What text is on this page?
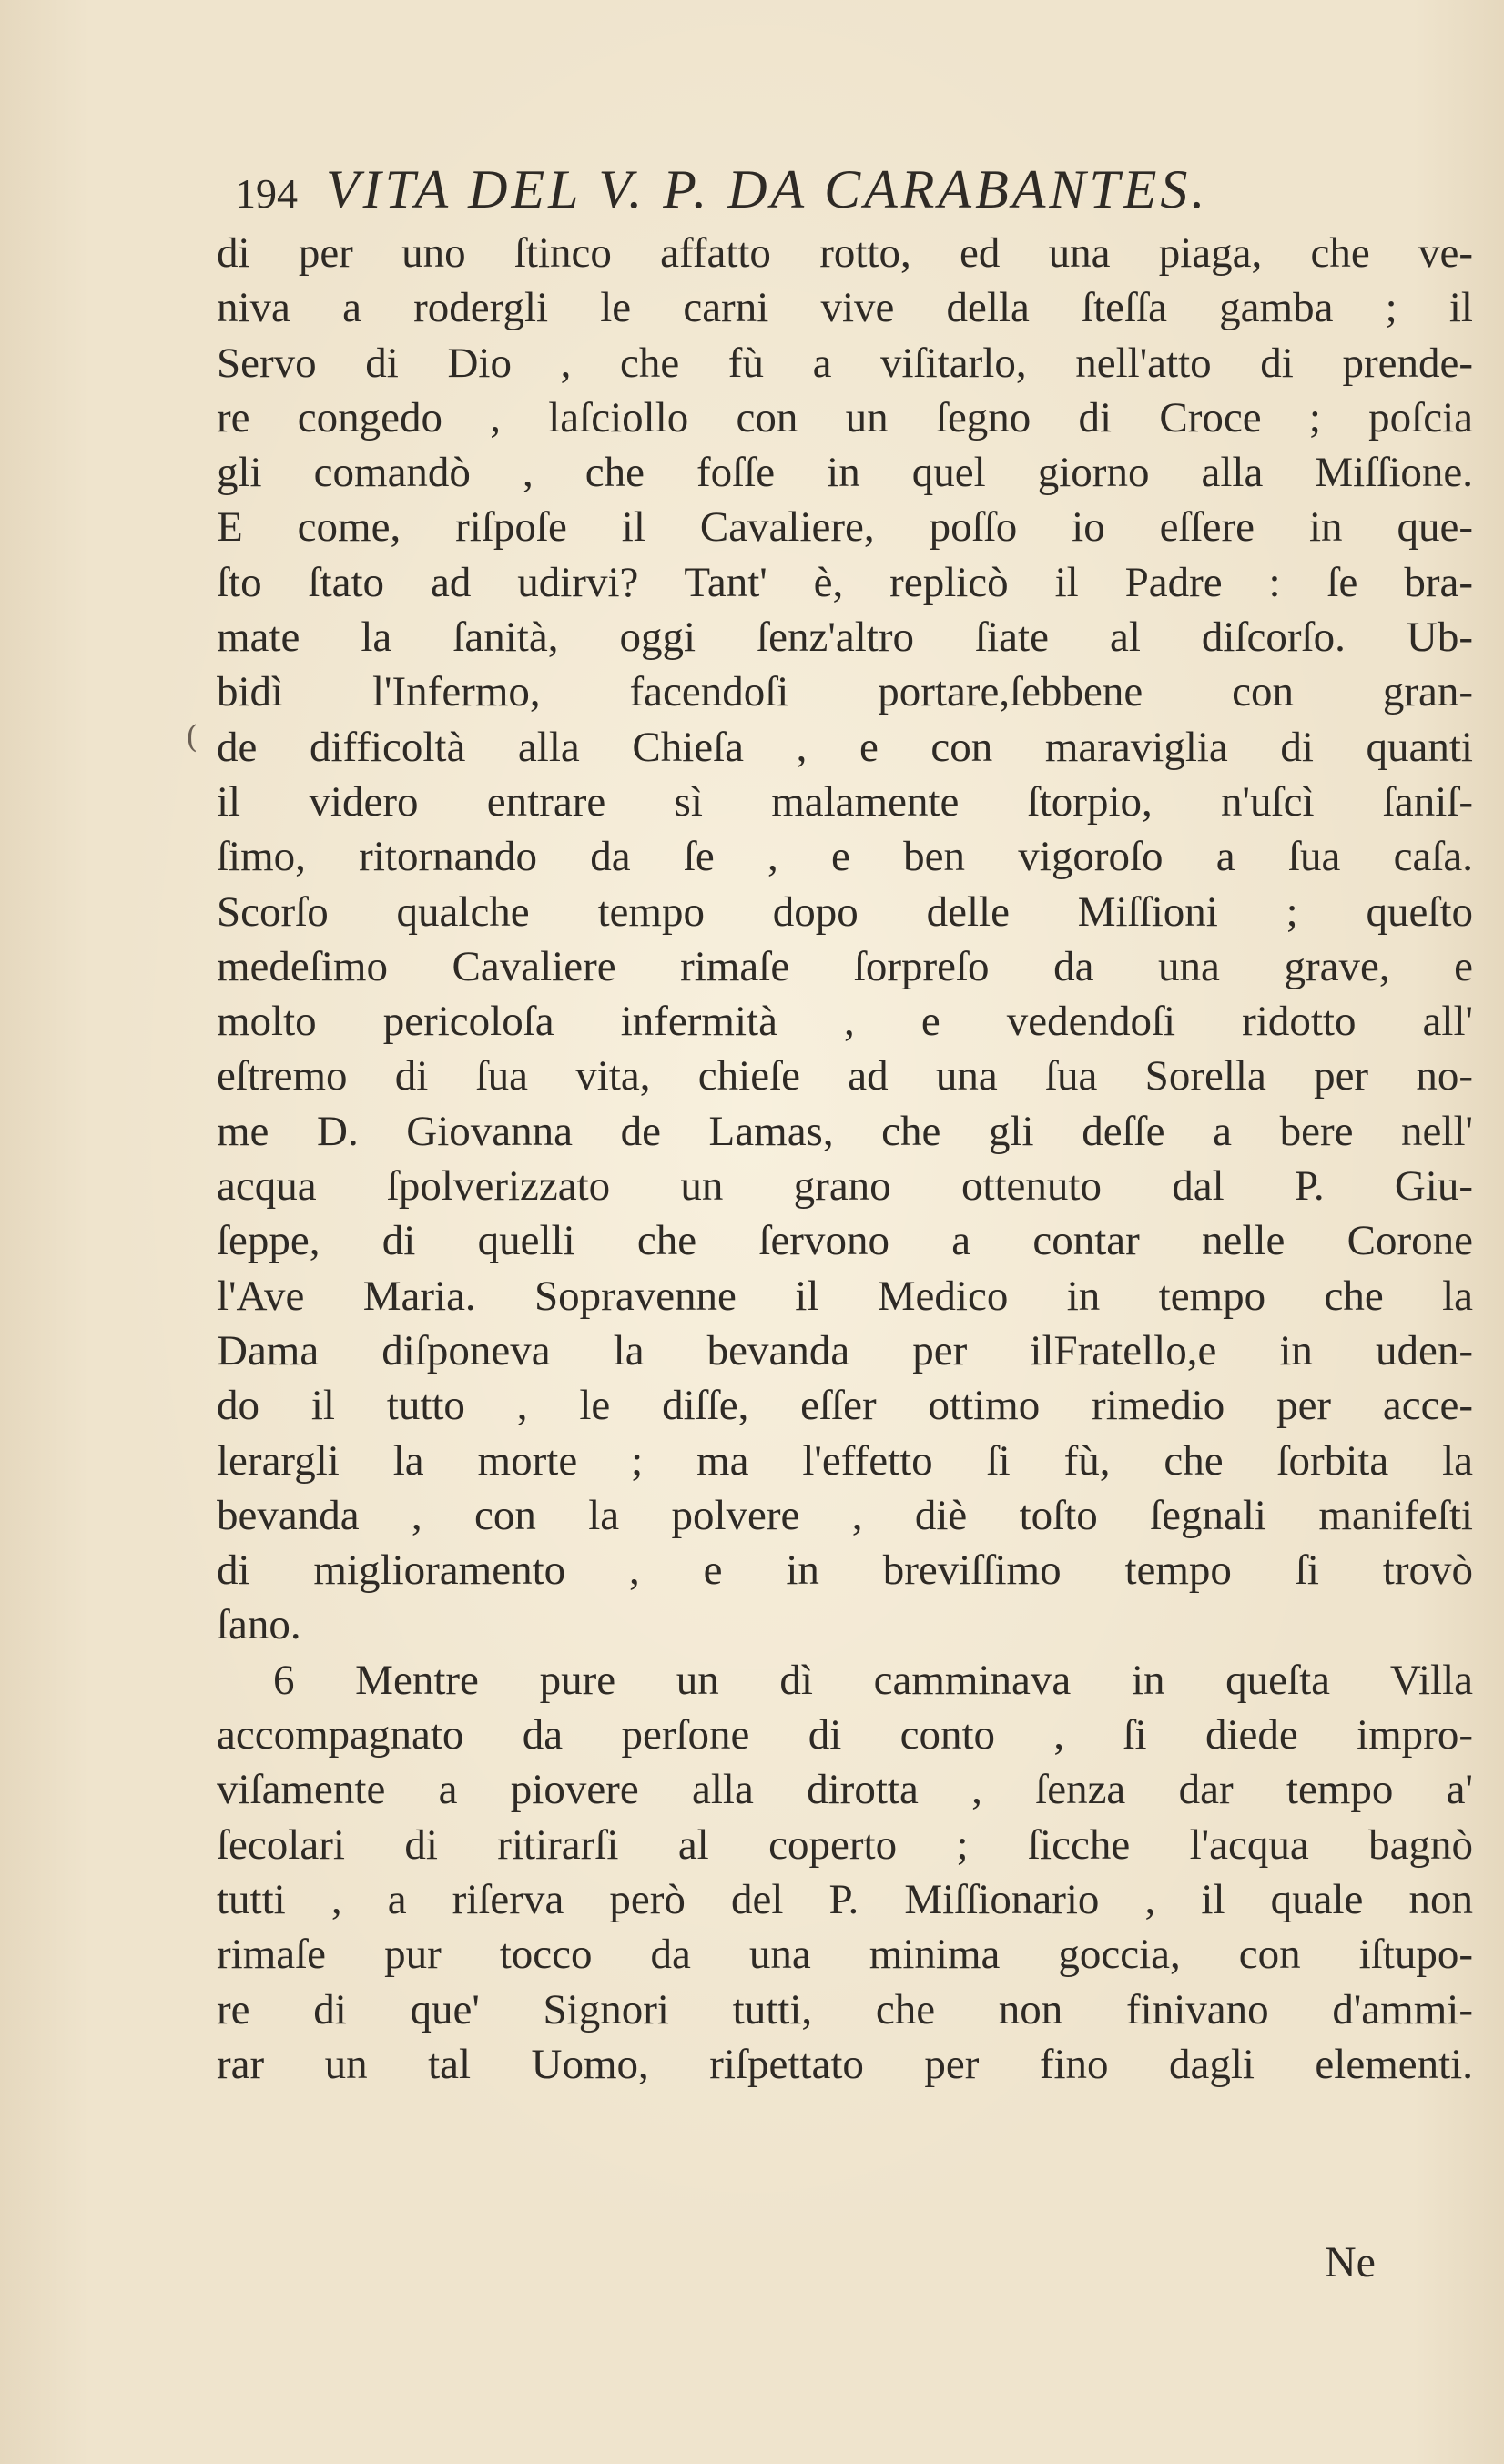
194 VITA DEL V. P. DA CARABANTES.
(
di per uno ſtinco affatto rotto, ed una piaga, che ve-
niva a rodergli le carni vive della ſteſſa gamba ; il
Servo di Dio , che fù a viſitarlo, nell'atto di prende-
re congedo , laſciollo con un ſegno di Croce ; poſcia
gli comandò , che foſſe in quel giorno alla Miſſione.
E come, riſpoſe il Cavaliere, poſſo io eſſere in que-
ſto ſtato ad udirvi? Tant' è, replicò il Padre : ſe bra-
mate la ſanità, oggi ſenz'altro ſiate al diſcorſo. Ub-
bidì l'Infermo, facendoſi portare,ſebbene con gran-
de difficoltà alla Chieſa , e con maraviglia di quanti
il videro entrare sì malamente ſtorpio, n'uſcì ſaniſ-
ſimo, ritornando da ſe , e ben vigoroſo a ſua caſa.
Scorſo qualche tempo dopo delle Miſſioni ; queſto
medeſimo Cavaliere rimaſe ſorpreſo da una grave, e
molto pericoloſa infermità , e vedendoſi ridotto all'
eſtremo di ſua vita, chieſe ad una ſua Sorella per no-
me D. Giovanna de Lamas, che gli deſſe a bere nell'
acqua ſpolverizzato un grano ottenuto dal P. Giu-
ſeppe, di quelli che ſervono a contar nelle Corone
l'Ave Maria. Sopravenne il Medico in tempo che la
Dama diſponeva la bevanda per ilFratello,e in uden-
do il tutto , le diſſe, eſſer ottimo rimedio per acce-
lerargli la morte ; ma l'effetto ſi fù, che ſorbita la
bevanda , con la polvere , diè toſto ſegnali manifeſti
di miglioramento , e in breviſſimo tempo ſi trovò
ſano.
6 Mentre pure un dì camminava in queſta Villa
accompagnato da perſone di conto , ſi diede impro-
viſamente a piovere alla dirotta , ſenza dar tempo a'
ſecolari di ritirarſi al coperto ; ſicche l'acqua bagnò
tutti , a riſerva però del P. Miſſionario , il quale non
rimaſe pur tocco da una minima goccia, con iſtupo-
re di que' Signori tutti, che non finivano d'ammi-
rar un tal Uomo, riſpettato per fino dagli elementi.
Ne
